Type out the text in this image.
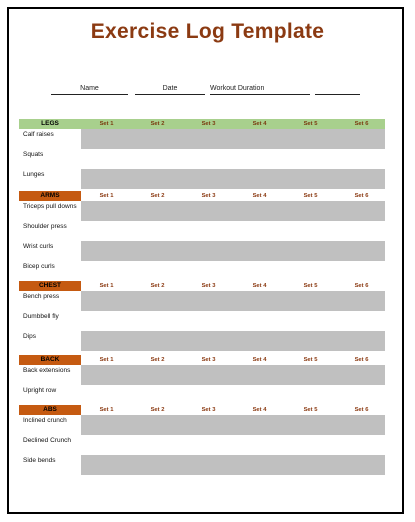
Exercise Log Template
Name	Date	Workout Duration
LEGS	Set 1	Set 2	Set 3	Set 4	Set 5	Set 6
Calf raises
Squats
Lunges
ARMS	Set 1	Set 2	Set 3	Set 4	Set 5	Set 6
Triceps pull downs
Shoulder press
Wrist curls
Bicep curls
CHEST	Set 1	Set 2	Set 3	Set 4	Set 5	Set 6
Bench press
Dumbbell fly
Dips
BACK	Set 1	Set 2	Set 3	Set 4	Set 5	Set 6
Back extensions
Upright row
ABS	Set 1	Set 2	Set 3	Set 4	Set 5	Set 6
Inclined crunch
Declined Crunch
Side bends
